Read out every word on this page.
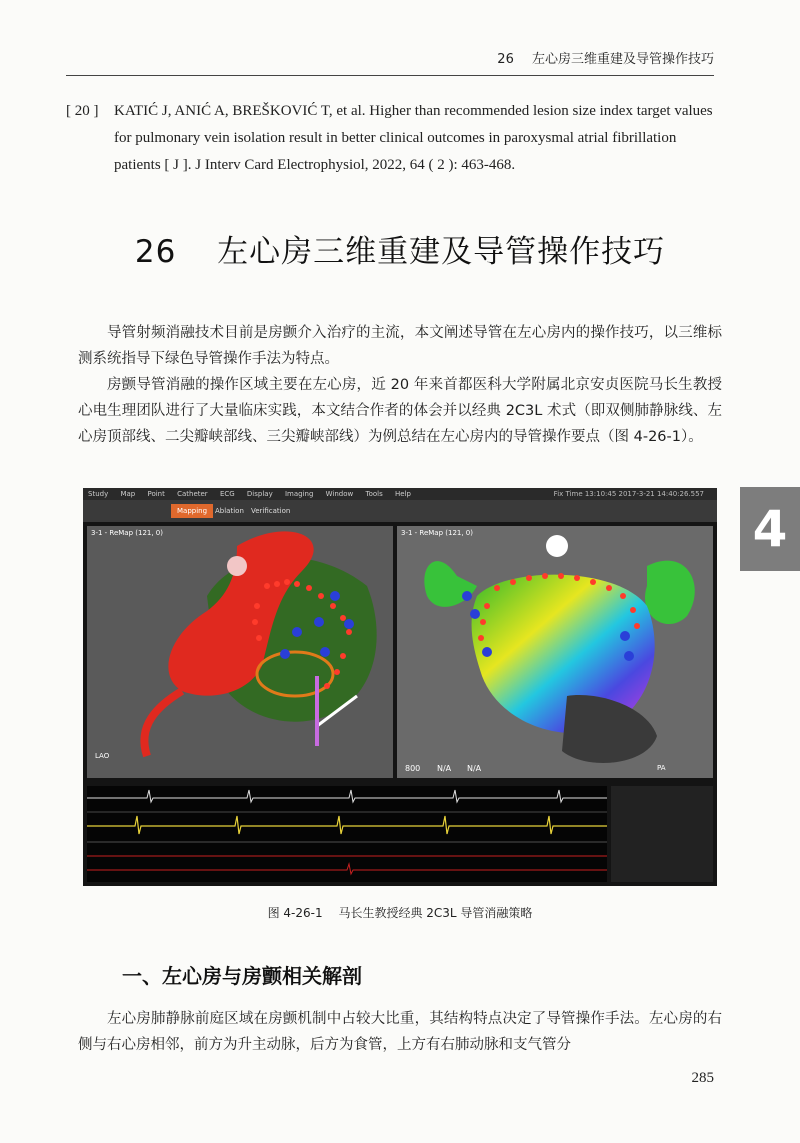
26 左心房三维重建及导管操作技巧
[ 20 ] KATIĆ J, ANIĆ A, BREŠKOVIĆ T, et al. Higher than recommended lesion size index target values for pulmonary vein isolation result in better clinical outcomes in paroxysmal atrial fibrillation patients [ J ]. J Interv Card Electrophysiol, 2022, 64 ( 2 ): 463-468.
26 左心房三维重建及导管操作技巧
导管射频消融技术目前是房颤介入治疗的主流，本文阐述导管在左心房内的操作技巧，以三维标测系统指导下绿色导管操作手法为特点。
房颤导管消融的操作区域主要在左心房，近 20 年来首都医科大学附属北京安贞医院马长生教授心电生理团队进行了大量临床实践，本文结合作者的体会并以经典 2C3L 术式（即双侧肺静脉线、左心房顶部线、二尖瓣峡部线、三尖瓣峡部线）为例总结在左心房内的导管操作要点（图 4-26-1）。
4
Study Map Point Catheter ECG Display Imaging Window Tools Help	Fix Time 13:10:45 2017-3-21 14:40:26.557
Mapping	Ablation	Verification
3-1 - ReMap (121, 0)
LAO
3-1 - ReMap (121, 0)
800 N/A N/A	PA
图 4-26-1 马长生教授经典 2C3L 导管消融策略
一、左心房与房颤相关解剖
左心房肺静脉前庭区域在房颤机制中占较大比重，其结构特点决定了导管操作手法。左心房的右侧与右心房相邻，前方为升主动脉，后方为食管，上方有右肺动脉和支气管分
285
